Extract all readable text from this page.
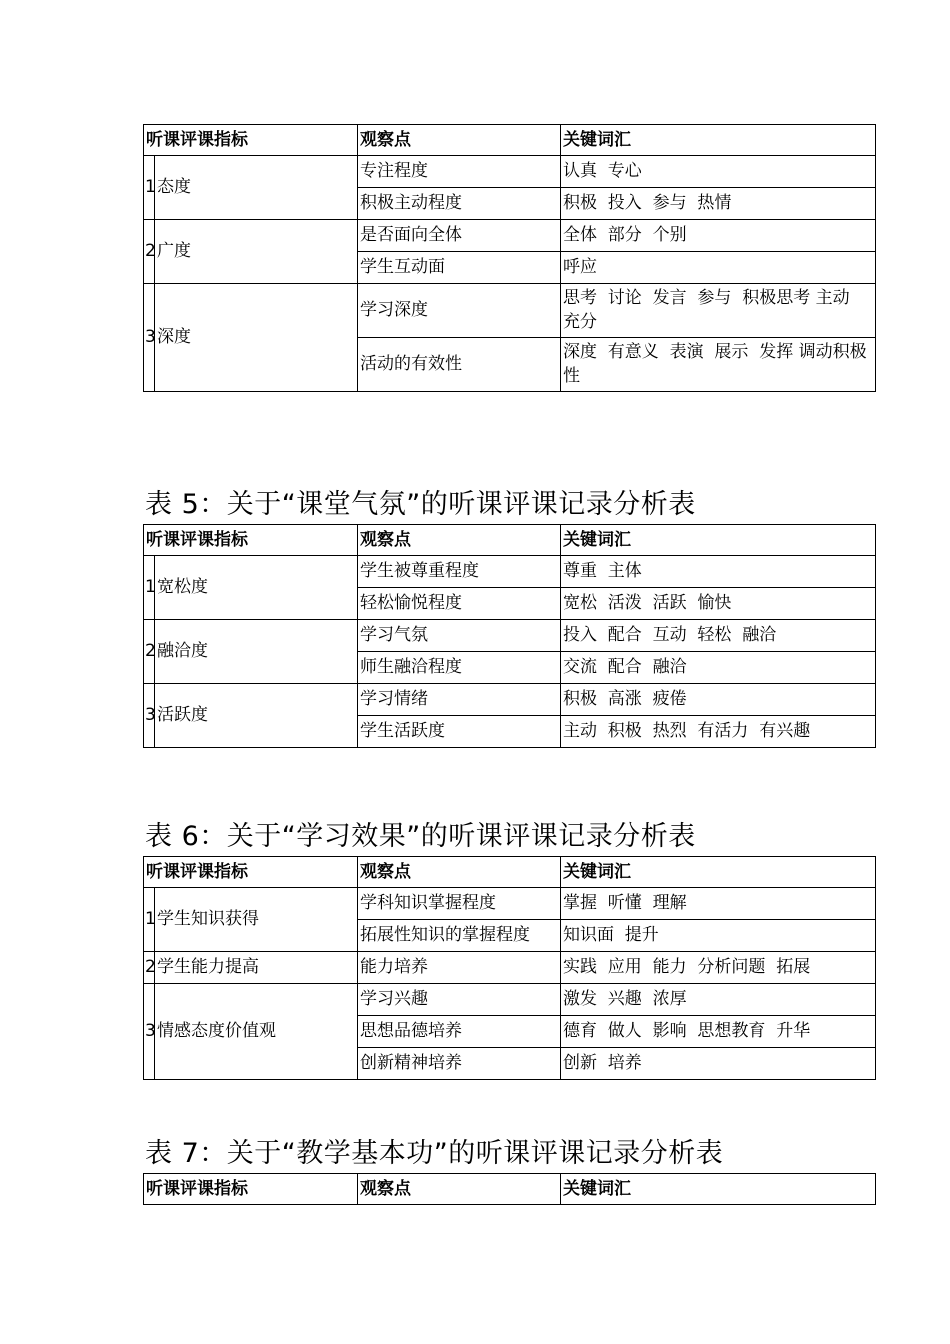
听课评课指标		观察点	关键词汇
1	态度	专注程度	认真  专心
		积极主动程度	积极  投入  参与  热情
2	广度	是否面向全体	全体  部分  个别
		学生互动面	呼应
3	深度	学习深度	思考  讨论  发言  参与  积极思考 主动  充分
		活动的有效性	深度  有意义  表演  展示  发挥 调动积极性
表 5：关于“课堂气氛”的听课评课记录分析表
听课评课指标		观察点	关键词汇
1	宽松度	学生被尊重程度	尊重  主体
		轻松愉悦程度	宽松  活泼  活跃  愉快
2	融洽度	学习气氛	投入  配合  互动  轻松  融洽
		师生融洽程度	交流  配合  融洽
3	活跃度	学习情绪	积极  高涨  疲倦
		学生活跃度	主动  积极  热烈  有活力  有兴趣
表 6：关于“学习效果”的听课评课记录分析表
听课评课指标		观察点	关键词汇
1	学生知识获得	学科知识掌握程度	掌握  听懂  理解
		拓展性知识的掌握程度	知识面  提升
2	学生能力提高	能力培养	实践  应用  能力  分析问题  拓展
3	情感态度价值观	学习兴趣	激发  兴趣  浓厚
		思想品德培养	德育  做人  影响  思想教育  升华
		创新精神培养	创新  培养
表 7：关于“教学基本功”的听课评课记录分析表
听课评课指标	观察点	关键词汇
